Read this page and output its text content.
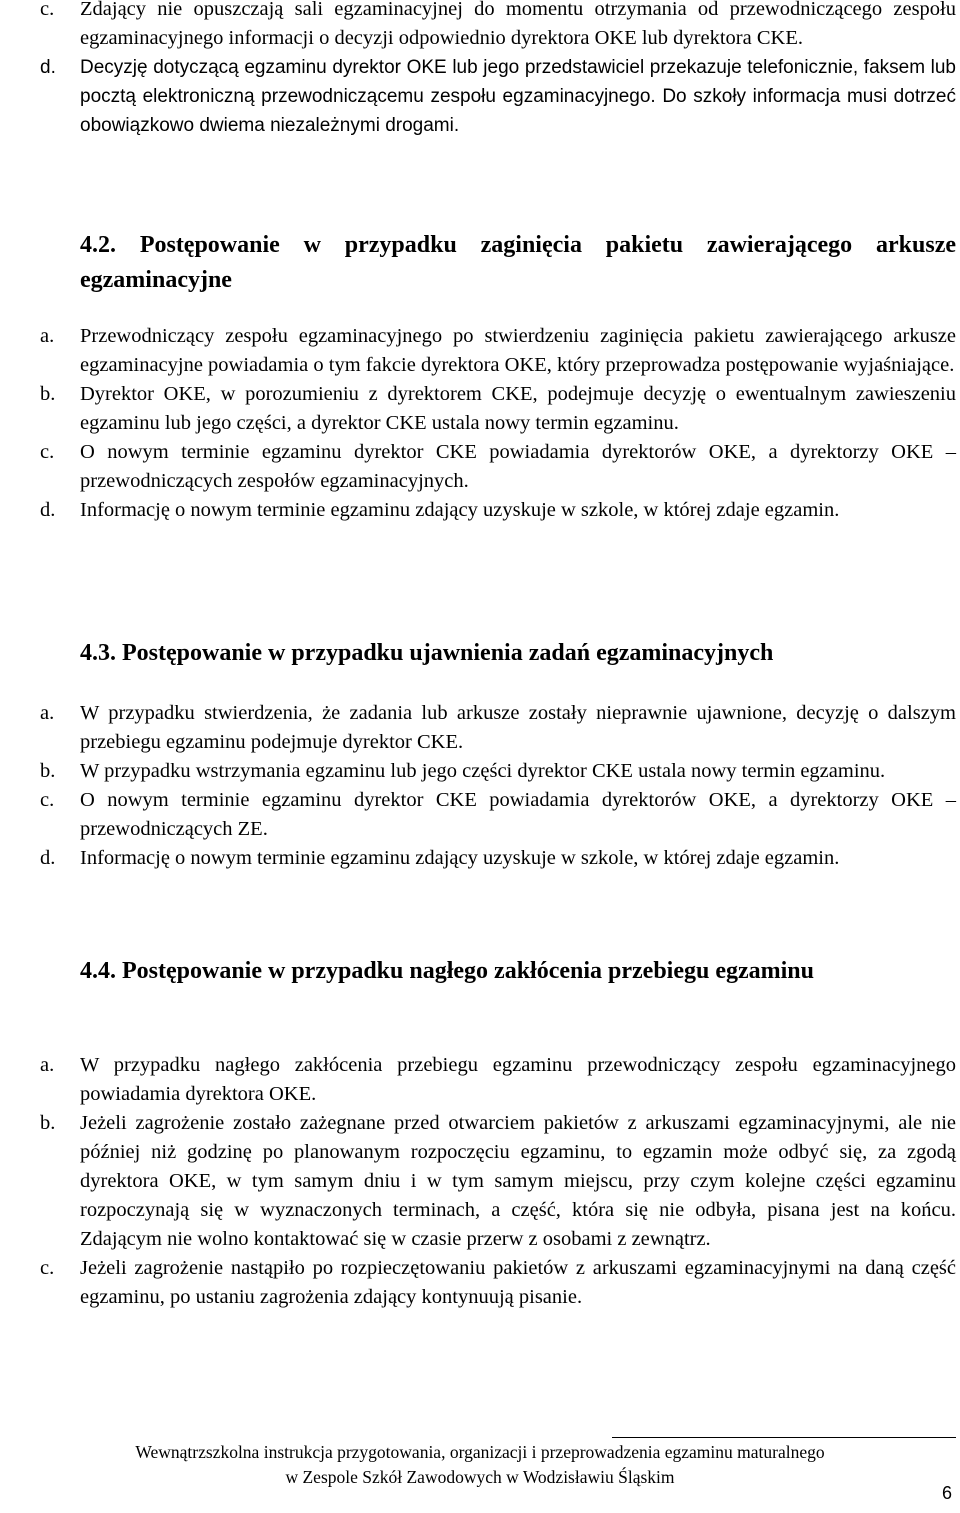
c. Zdający nie opuszczają sali egzaminacyjnej do momentu otrzymania od przewodniczącego zespołu egzaminacyjnego informacji o decyzji odpowiednio dyrektora OKE lub dyrektora CKE.
d. Decyzję dotyczącą egzaminu dyrektor OKE lub jego przedstawiciel przekazuje telefonicznie, faksem lub pocztą elektroniczną przewodniczącemu zespołu egzaminacyjnego. Do szkoły informacja musi dotrzeć obowiązkowo dwiema niezależnymi drogami.
4.2. Postępowanie w przypadku zaginięcia pakietu zawierającego arkusze egzaminacyjne
a. Przewodniczący zespołu egzaminacyjnego po stwierdzeniu zaginięcia pakietu zawierającego arkusze egzaminacyjne powiadamia o tym fakcie dyrektora OKE, który przeprowadza postępowanie wyjaśniające.
b. Dyrektor OKE, w porozumieniu z dyrektorem CKE, podejmuje decyzję o ewentualnym zawieszeniu egzaminu lub jego części, a dyrektor CKE ustala nowy termin egzaminu.
c. O nowym terminie egzaminu dyrektor CKE powiadamia dyrektorów OKE, a dyrektorzy OKE – przewodniczących zespołów egzaminacyjnych.
d. Informację o nowym terminie egzaminu zdający uzyskuje w szkole, w której zdaje egzamin.
4.3. Postępowanie w przypadku ujawnienia zadań egzaminacyjnych
a. W przypadku stwierdzenia, że zadania lub arkusze zostały nieprawnie ujawnione, decyzję o dalszym przebiegu egzaminu podejmuje dyrektor CKE.
b. W przypadku wstrzymania egzaminu lub jego części dyrektor CKE ustala nowy termin egzaminu.
c. O nowym terminie egzaminu dyrektor CKE powiadamia dyrektorów OKE, a dyrektorzy OKE – przewodniczących ZE.
d. Informację o nowym terminie egzaminu zdający uzyskuje w szkole, w której zdaje egzamin.
4.4. Postępowanie w przypadku nagłego zakłócenia przebiegu egzaminu
a. W przypadku nagłego zakłócenia przebiegu egzaminu przewodniczący zespołu egzaminacyjnego powiadamia dyrektora OKE.
b. Jeżeli zagrożenie zostało zażegnane przed otwarciem pakietów z arkuszami egzaminacyjnymi, ale nie później niż godzinę po planowanym rozpoczęciu egzaminu, to egzamin może odbyć się, za zgodą dyrektora OKE, w tym samym dniu i w tym samym miejscu, przy czym kolejne części egzaminu rozpoczynają się w wyznaczonych terminach, a część, która się nie odbyła, pisana jest na końcu. Zdającym nie wolno kontaktować się w czasie przerw z osobami z zewnątrz.
c. Jeżeli zagrożenie nastąpiło po rozpieczętowaniu pakietów z arkuszami egzaminacyjnymi na daną część egzaminu, po ustaniu zagrożenia zdający kontynuują pisanie.
Wewnątrzszkolna instrukcja przygotowania, organizacji i przeprowadzenia egzaminu maturalnego
w Zespole Szkół Zawodowych w Wodzisławiu Śląskim
6
